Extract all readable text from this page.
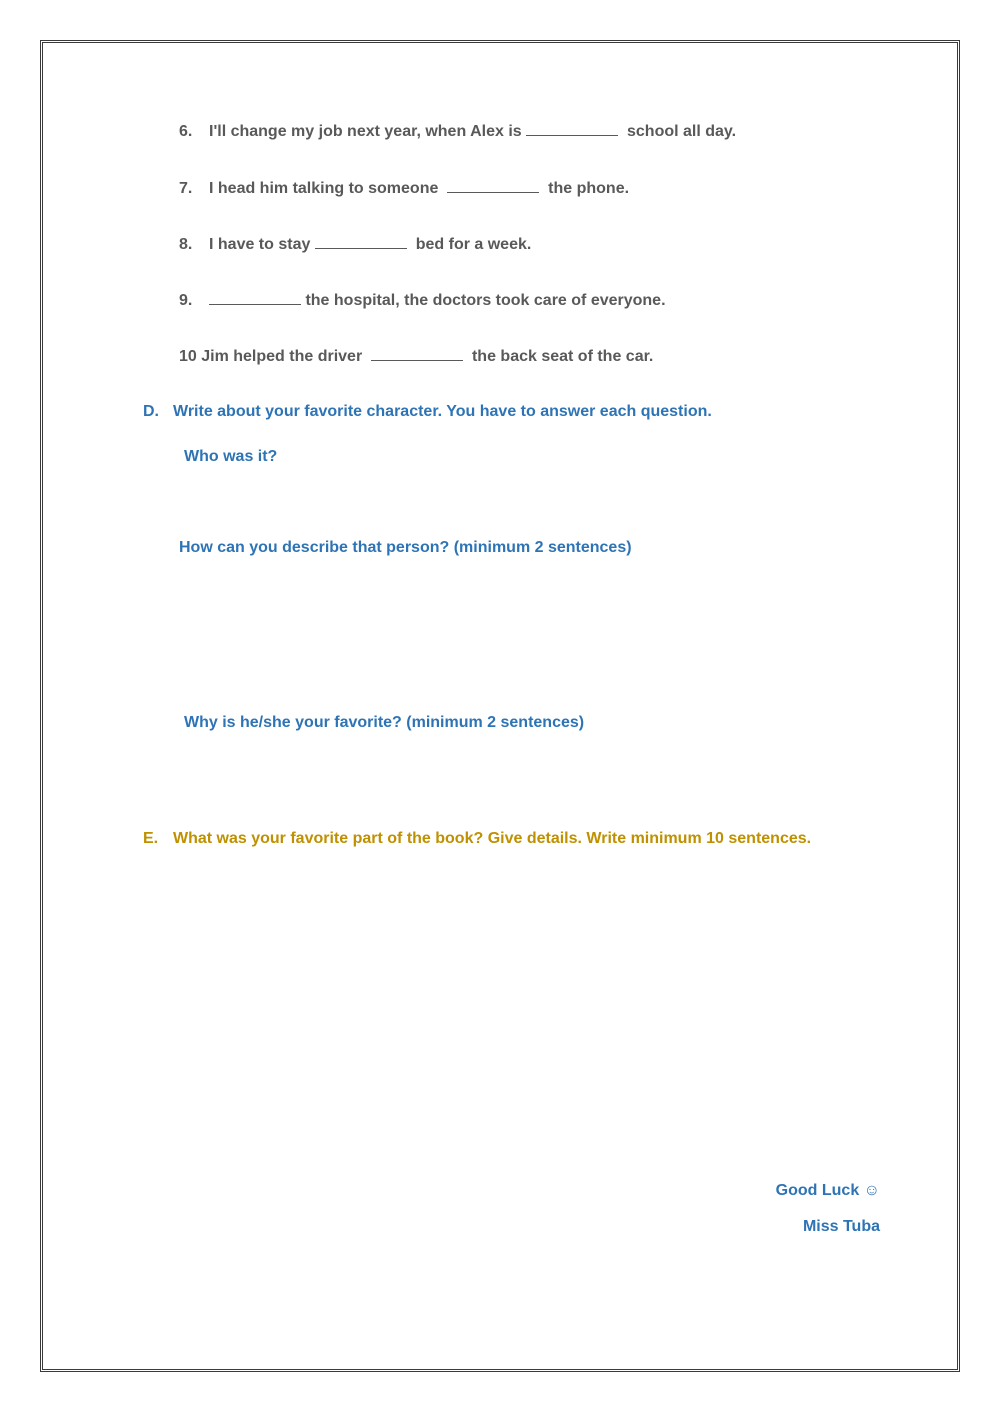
6. I'll change my job next year, when Alex is	school all day.
7. I head him talking to someone	the phone.
8. I have to stay	bed for a week.
9.	the hospital, the doctors took care of everyone.
10 Jim helped the driver	the back seat of the car.
D. Write about your favorite character. You have to answer each question.
Who was it?
How can you describe that person? (minimum 2 sentences)
Why is he/she your favorite? (minimum 2 sentences)
E. What was your favorite part of the book? Give details. Write minimum 10 sentences.
Good Luck ☺
Miss Tuba
